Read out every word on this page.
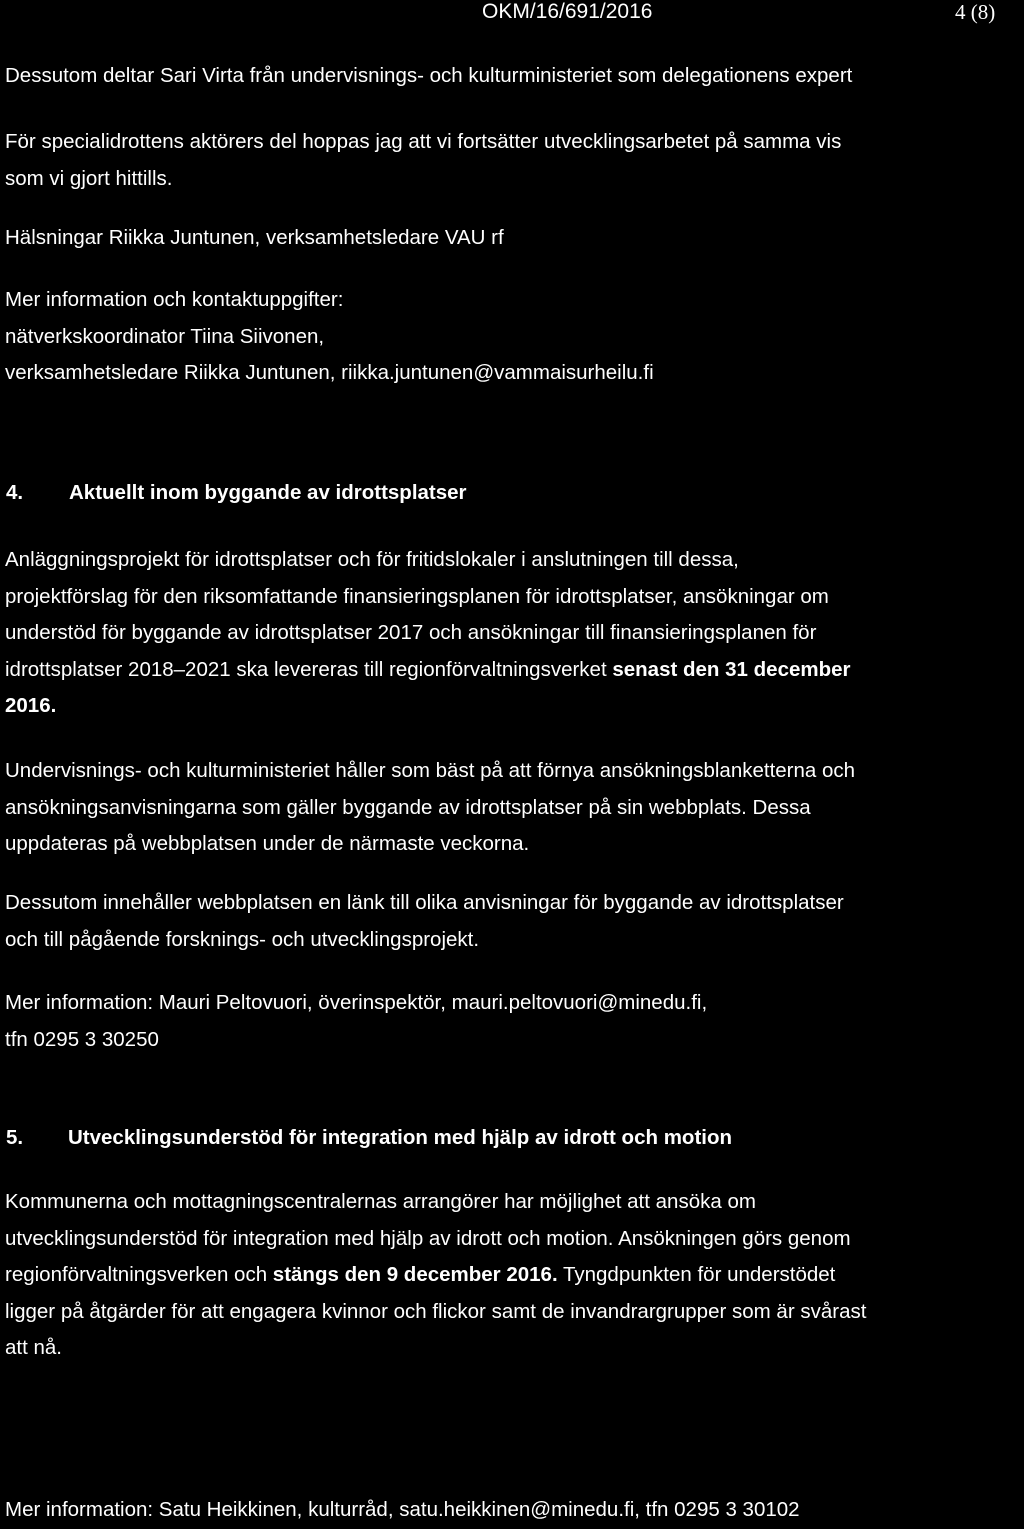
OKM/16/691/2016	4 (8)
Dessutom deltar Sari Virta från undervisnings- och kulturministeriet som delegationens expert
För specialidrottens aktörers del hoppas jag att vi fortsätter utvecklingsarbetet på samma vis
som vi gjort hittills.
Hälsningar Riikka Juntunen, verksamhetsledare VAU rf
Mer information och kontaktuppgifter:
nätverkskoordinator Tiina Siivonen,
verksamhetsledare Riikka Juntunen, riikka.juntunen@vammaisurheilu.fi
4. Aktuellt inom byggande av idrottsplatser
Anläggningsprojekt för idrottsplatser och för fritidslokaler i anslutningen till dessa,
projektförslag för den riksomfattande finansieringsplanen för idrottsplatser, ansökningar om
understöd för byggande av idrottsplatser 2017 och ansökningar till finansieringsplanen för
idrottsplatser 2018–2021 ska levereras till regionförvaltningsverket senast den 31 december
2016.
Undervisnings- och kulturministeriet håller som bäst på att förnya ansökningsblanketterna och
ansökningsanvisningarna som gäller byggande av idrottsplatser på sin webbplats. Dessa
uppdateras på webbplatsen under de närmaste veckorna.
Dessutom innehåller webbplatsen en länk till olika anvisningar för byggande av idrottsplatser
och till pågående forsknings- och utvecklingsprojekt.
Mer information: Mauri Peltovuori, överinspektör, mauri.peltovuori@minedu.fi,
tfn 0295 3 30250
5. Utvecklingsunderstöd för integration med hjälp av idrott och motion
Kommunerna och mottagningscentralernas arrangörer har möjlighet att ansöka om
utvecklingsunderstöd för integration med hjälp av idrott och motion. Ansökningen görs genom
regionförvaltningsverken och stängs den 9 december 2016. Tyngdpunkten för understödet
ligger på åtgärder för att engagera kvinnor och flickor samt de invandrargrupper som är svårast
att nå.
Mer information: Satu Heikkinen, kulturråd, satu.heikkinen@minedu.fi, tfn 0295 3 30102
